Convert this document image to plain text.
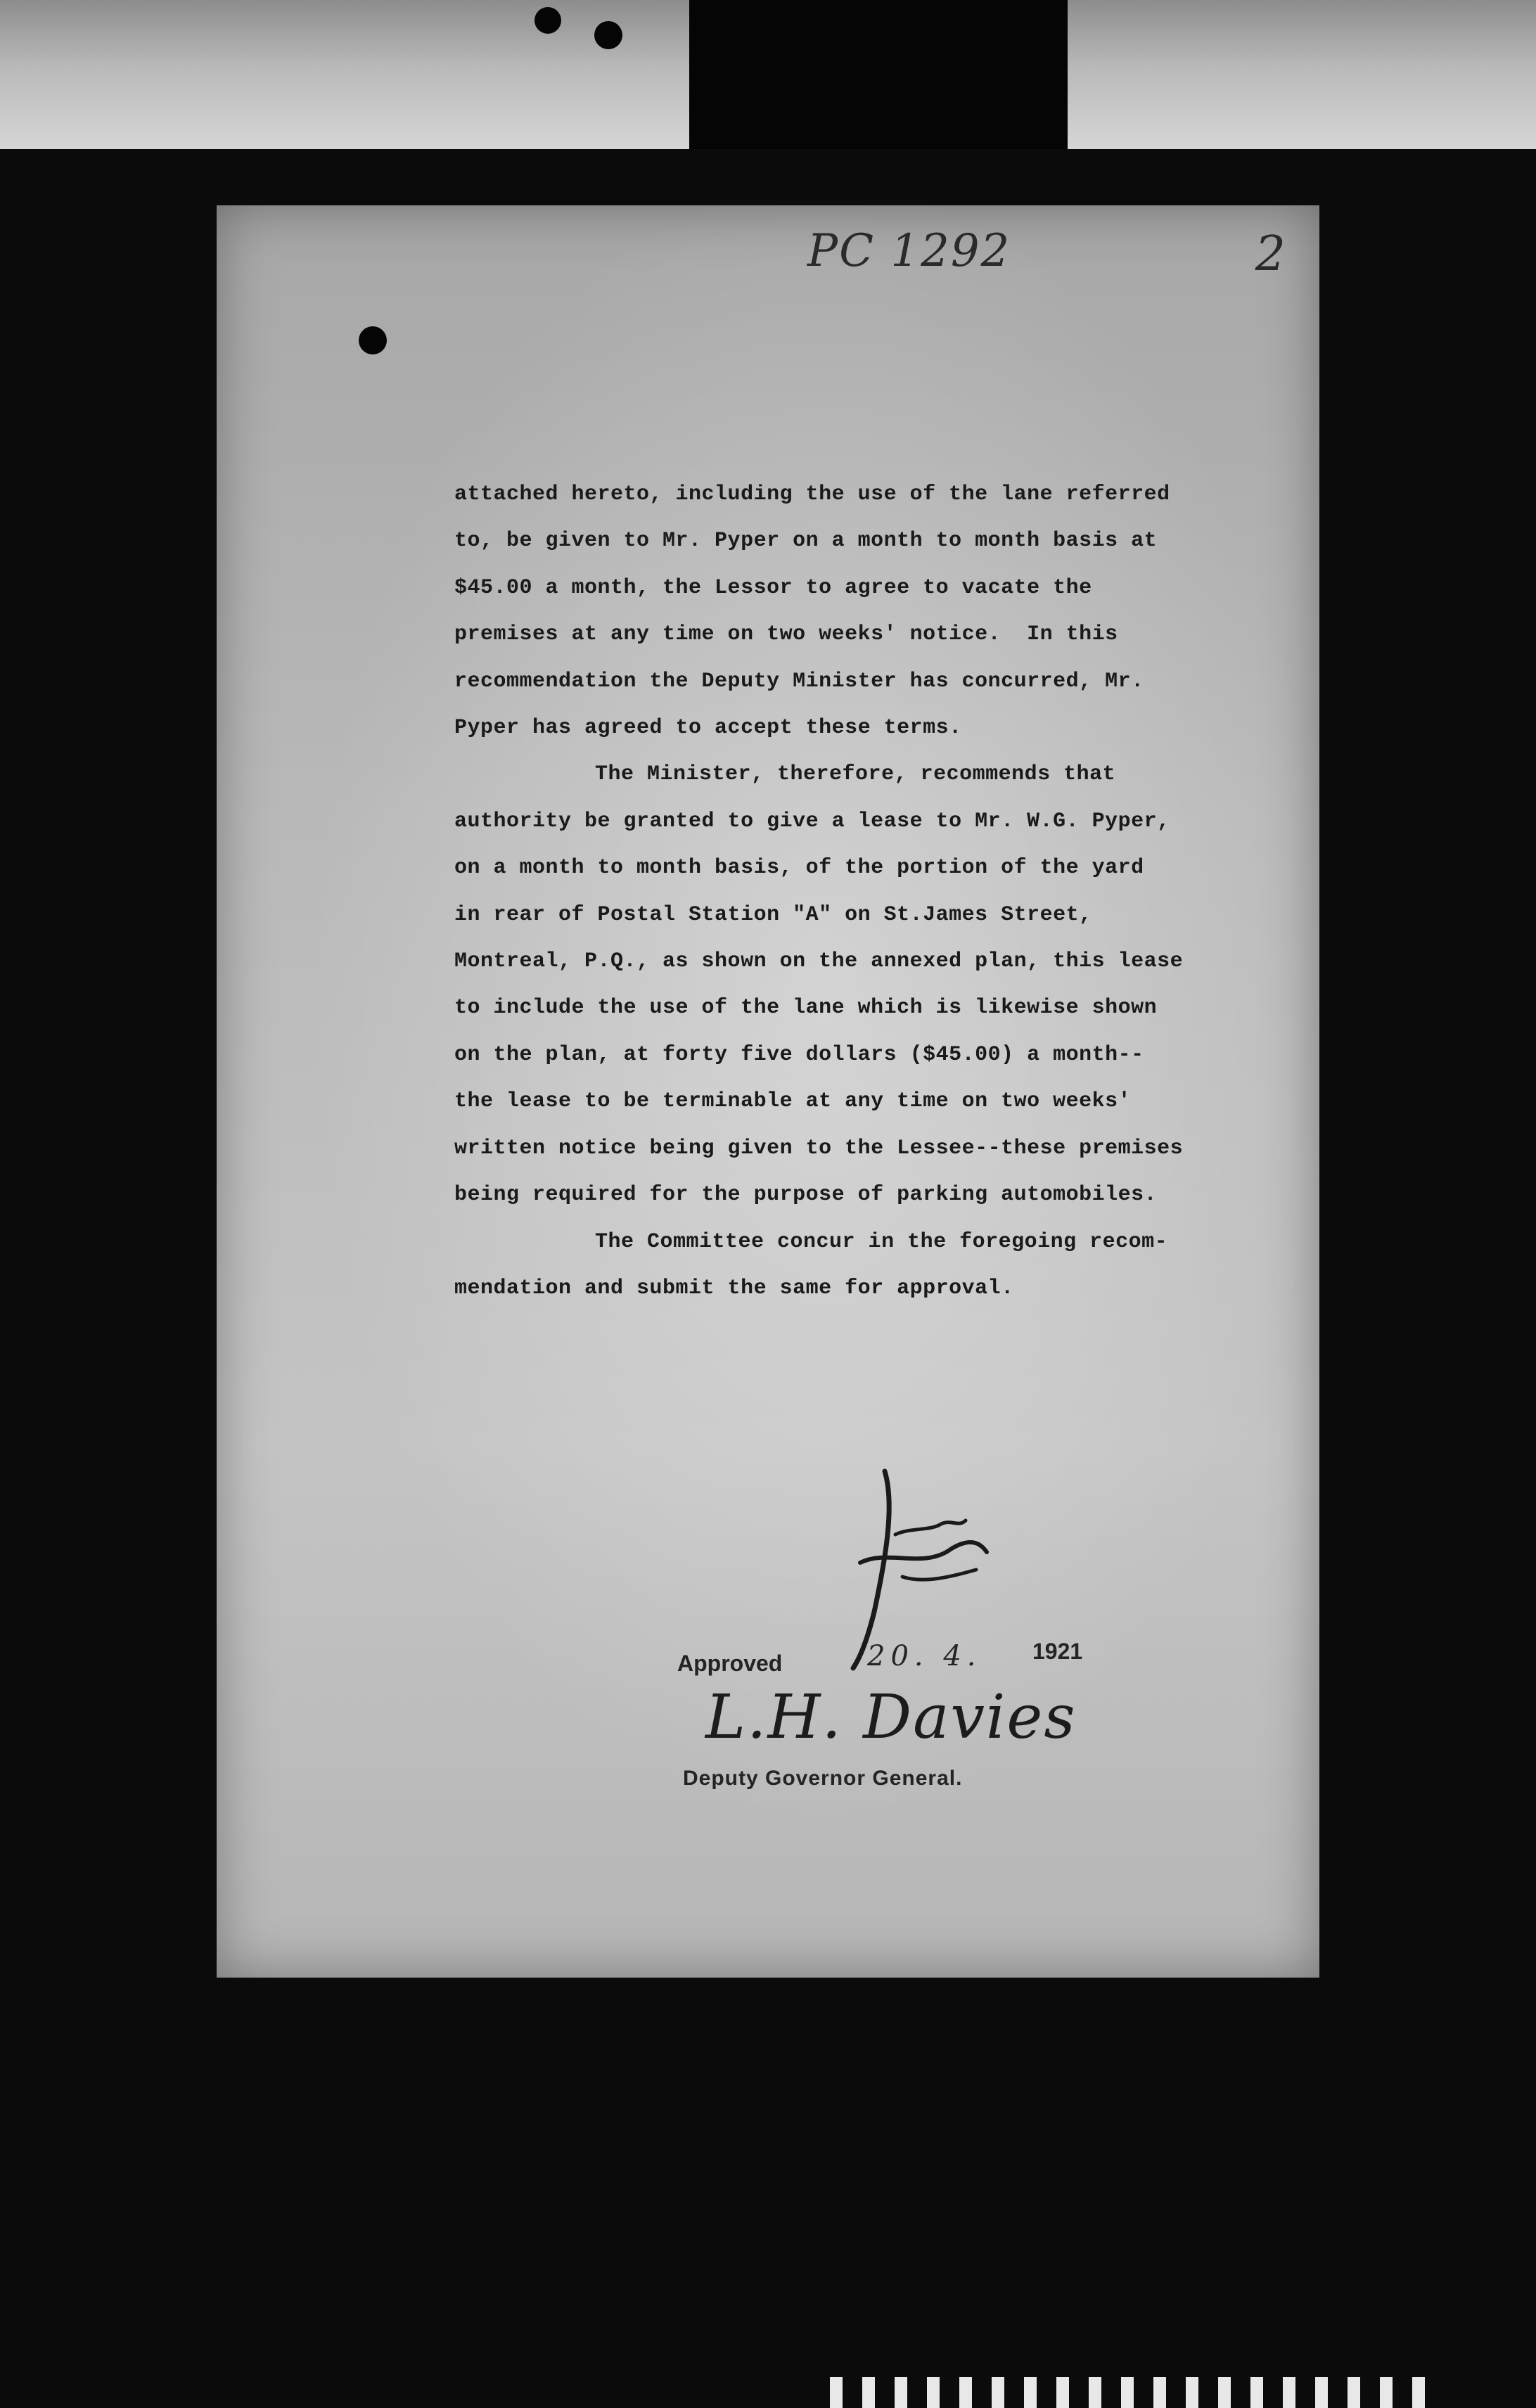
PC 1292	2
attached hereto, including the use of the lane referred
to, be given to Mr. Pyper on a month to month basis at
$45.00 a month, the Lessor to agree to vacate the
premises at any time on two weeks' notice.  In this
recommendation the Deputy Minister has concurred, Mr.
Pyper has agreed to accept these terms.
The Minister, therefore, recommends that
authority be granted to give a lease to Mr. W.G. Pyper,
on a month to month basis, of the portion of the yard
in rear of Postal Station "A" on St.James Street,
Montreal, P.Q., as shown on the annexed plan, this lease
to include the use of the lane which is likewise shown
on the plan, at forty five dollars ($45.00) a month--
the lease to be terminable at any time on two weeks'
written notice being given to the Lessee--these premises
being required for the purpose of parking automobiles.
The Committee concur in the foregoing recom-
mendation and submit the same for approval.
Approved	20. 4. 1921
L.H. Davies
Deputy Governor General.
